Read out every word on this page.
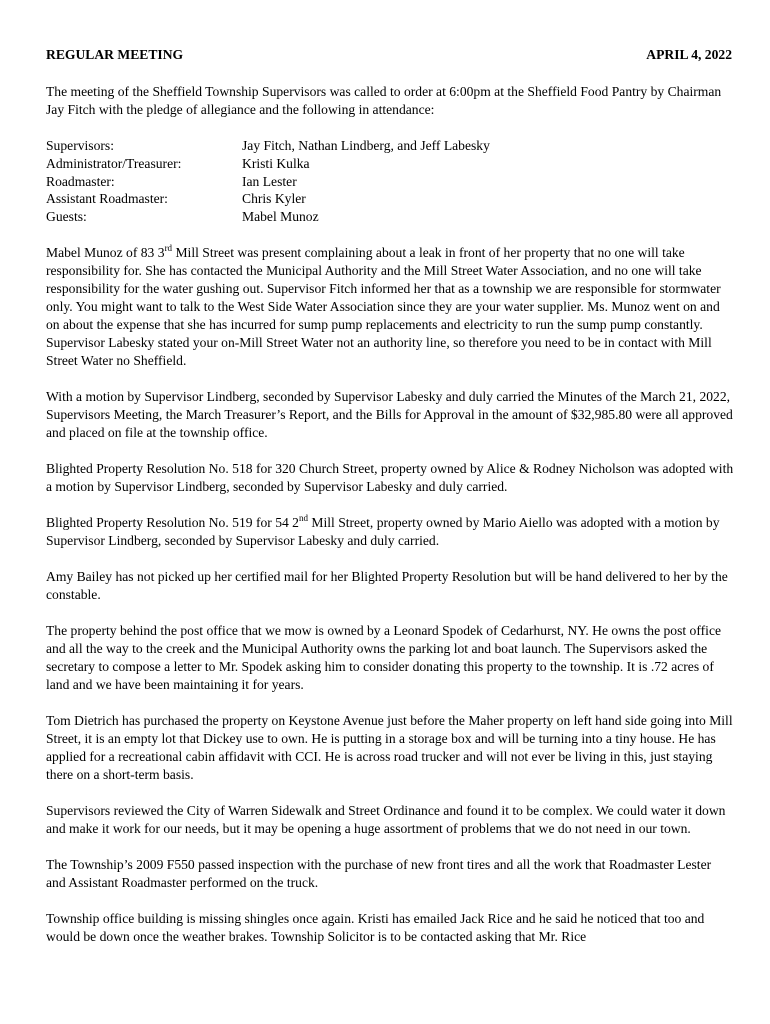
REGULAR MEETING	APRIL 4, 2022

The meeting of the Sheffield Township Supervisors was called to order at 6:00pm at the Sheffield Food Pantry by Chairman Jay Fitch with the pledge of allegiance and the following in attendance:

Supervisors:	Jay Fitch, Nathan Lindberg, and Jeff Labesky
Administrator/Treasurer:	Kristi Kulka
Roadmaster:	Ian Lester
Assistant Roadmaster:	Chris Kyler
Guests:	Mabel Munoz

Mabel Munoz of 83 3rd Mill Street was present complaining about a leak in front of her property that no one will take responsibility for. She has contacted the Municipal Authority and the Mill Street Water Association, and no one will take responsibility for the water gushing out. Supervisor Fitch informed her that as a township we are responsible for stormwater only. You might want to talk to the West Side Water Association since they are your water supplier. Ms. Munoz went on and on about the expense that she has incurred for sump pump replacements and electricity to run the sump pump constantly. Supervisor Labesky stated your on-Mill Street Water not an authority line, so therefore you need to be in contact with Mill Street Water no Sheffield.

With a motion by Supervisor Lindberg, seconded by Supervisor Labesky and duly carried the Minutes of the March 21, 2022, Supervisors Meeting, the March Treasurer’s Report, and the Bills for Approval in the amount of $32,985.80 were all approved and placed on file at the township office.

Blighted Property Resolution No. 518 for 320 Church Street, property owned by Alice & Rodney Nicholson was adopted with a motion by Supervisor Lindberg, seconded by Supervisor Labesky and duly carried.

Blighted Property Resolution No. 519 for 54 2nd Mill Street, property owned by Mario Aiello was adopted with a motion by Supervisor Lindberg, seconded by Supervisor Labesky and duly carried.

Amy Bailey has not picked up her certified mail for her Blighted Property Resolution but will be hand delivered to her by the constable.

The property behind the post office that we mow is owned by a Leonard Spodek of Cedarhurst, NY. He owns the post office and all the way to the creek and the Municipal Authority owns the parking lot and boat launch. The Supervisors asked the secretary to compose a letter to Mr. Spodek asking him to consider donating this property to the township. It is .72 acres of land and we have been maintaining it for years.

Tom Dietrich has purchased the property on Keystone Avenue just before the Maher property on left hand side going into Mill Street, it is an empty lot that Dickey use to own. He is putting in a storage box and will be turning into a tiny house. He has applied for a recreational cabin affidavit with CCI. He is across road trucker and will not ever be living in this, just staying there on a short-term basis.

Supervisors reviewed the City of Warren Sidewalk and Street Ordinance and found it to be complex. We could water it down and make it work for our needs, but it may be opening a huge assortment of problems that we do not need in our town.

The Township’s 2009 F550 passed inspection with the purchase of new front tires and all the work that Roadmaster Lester and Assistant Roadmaster performed on the truck.

Township office building is missing shingles once again. Kristi has emailed Jack Rice and he said he noticed that too and would be down once the weather brakes. Township Solicitor is to be contacted asking that Mr. Rice
